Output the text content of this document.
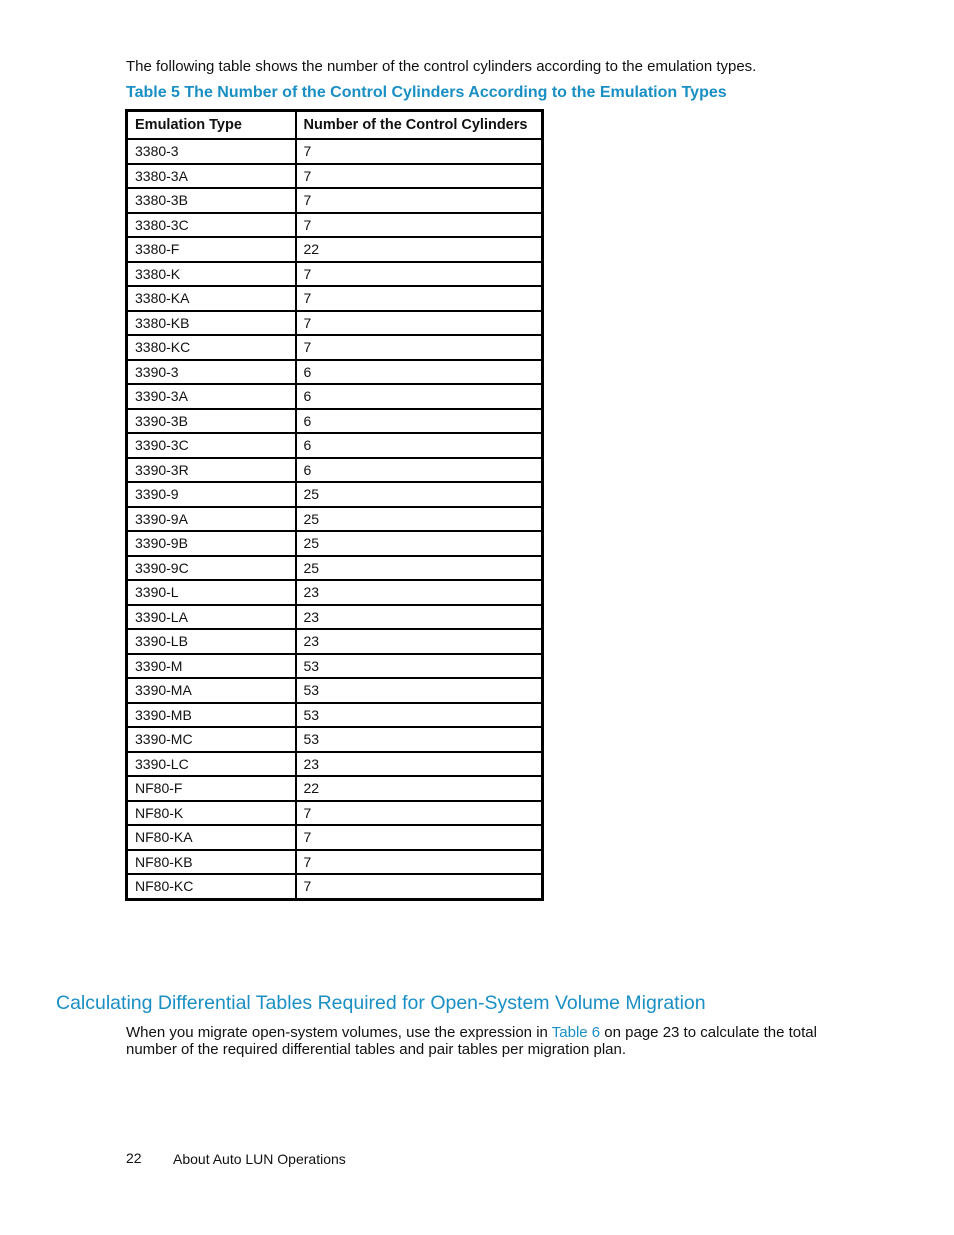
The following table shows the number of the control cylinders according to the emulation types.

Table 5 The Number of the Control Cylinders According to the Emulation Types
Emulation Type	Number of the Control Cylinders
3380-3	7
3380-3A	7
3380-3B	7
3380-3C	7
3380-F	22
3380-K	7
3380-KA	7
3380-KB	7
3380-KC	7
3390-3	6
3390-3A	6
3390-3B	6
3390-3C	6
3390-3R	6
3390-9	25
3390-9A	25
3390-9B	25
3390-9C	25
3390-L	23
3390-LA	23
3390-LB	23
3390-M	53
3390-MA	53
3390-MB	53
3390-MC	53
3390-LC	23
NF80-F	22
NF80-K	7
NF80-KA	7
NF80-KB	7
NF80-KC	7
Calculating Differential Tables Required for Open-System Volume Migration

When you migrate open-system volumes, use the expression in Table 6 on page 23 to calculate the total number of the required differential tables and pair tables per migration plan.

22 About Auto LUN Operations
